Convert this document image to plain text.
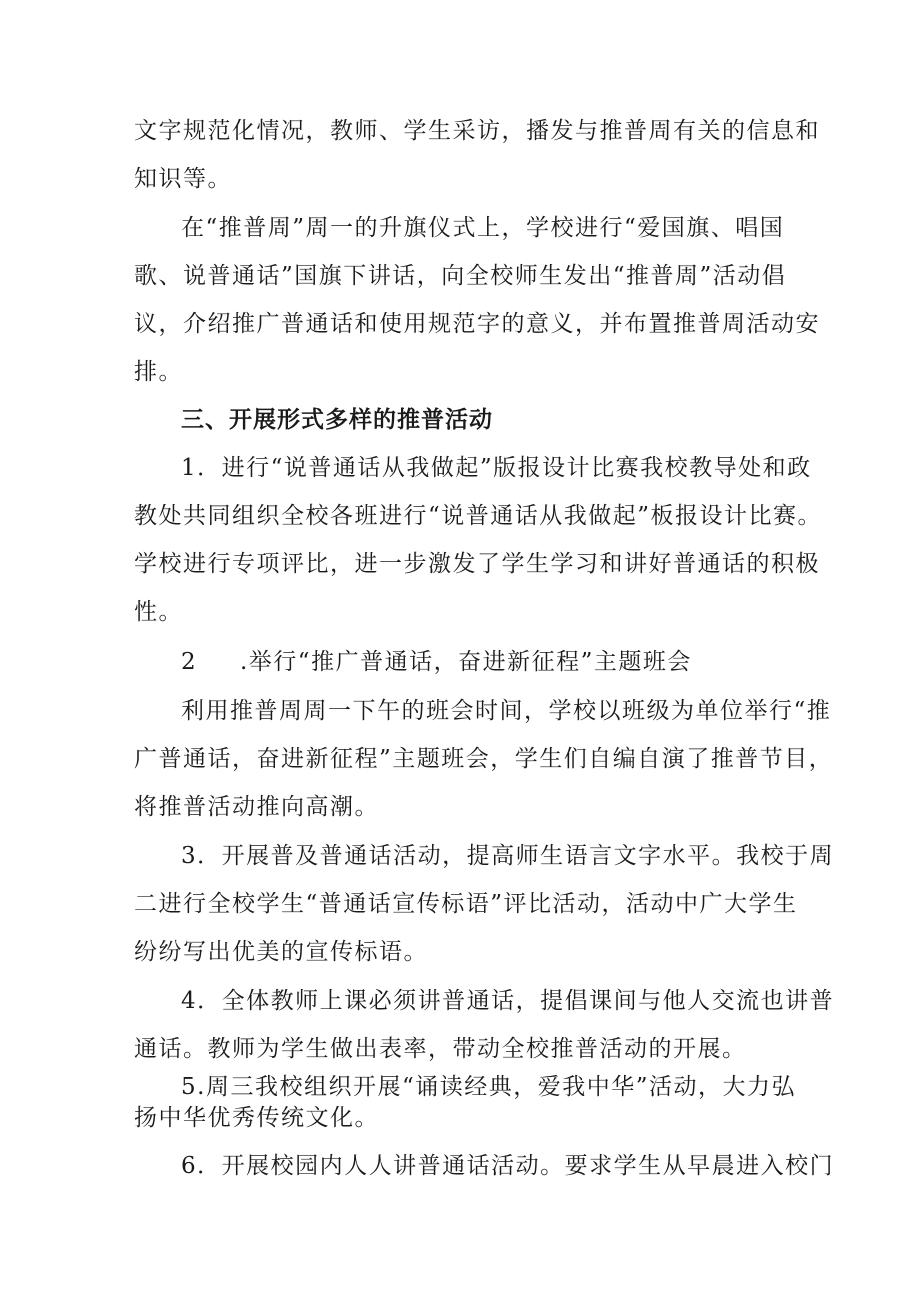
文字规范化情况，教师、学生采访，播发与推普周有关的信息和
知识等。
在“推普周”周一的升旗仪式上，学校进行“爱国旗、唱国
歌、说普通话”国旗下讲话，向全校师生发出“推普周”活动倡
议，介绍推广普通话和使用规范字的意义，并布置推普周活动安
排。
三、开展形式多样的推普活动
1．进行“说普通话从我做起”版报设计比赛我校教导处和政
教处共同组织全校各班进行“说普通话从我做起”板报设计比赛。
学校进行专项评比，进一步激发了学生学习和讲好普通话的积极
性。
2 .举行“推广普通话，奋进新征程”主题班会
利用推普周周一下午的班会时间，学校以班级为单位举行“推
广普通话，奋进新征程”主题班会，学生们自编自演了推普节目，
将推普活动推向高潮。
3．开展普及普通话活动，提高师生语言文字水平。我校于周
二进行全校学生“普通话宣传标语”评比活动，活动中广大学生
纷纷写出优美的宣传标语。
4．全体教师上课必须讲普通话，提倡课间与他人交流也讲普
通话。教师为学生做出表率，带动全校推普活动的开展。
5.周三我校组织开展“诵读经典，爱我中华”活动，大力弘
扬中华优秀传统文化。
6．开展校园内人人讲普通话活动。要求学生从早晨进入校门
